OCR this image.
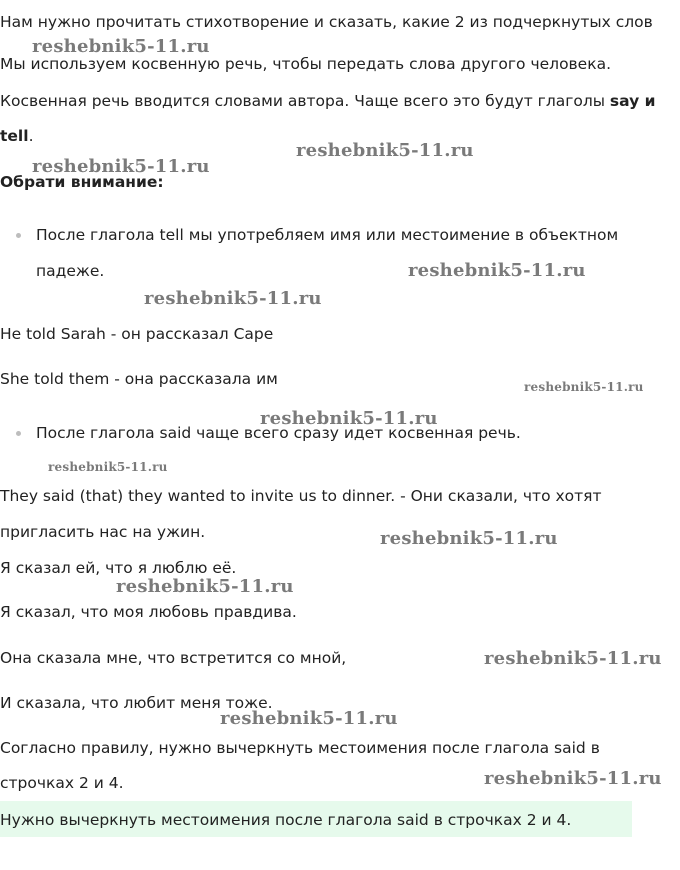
Нам нужно прочитать стихотворение и сказать, какие 2 из подчеркнутых слов
Мы используем косвенную речь, чтобы передать слова другого человека.
Косвенная речь вводится словами автора. Чаще всего это будут глаголы say и
tell.
Обрати внимание:
После глагола tell мы употребляем имя или местоимение в объектном
падеже.
He told Sarah - он рассказал Саре
She told them - она рассказала им
После глагола said чаще всего сразу идет косвенная речь.
They said (that) they wanted to invite us to dinner. - Они сказали, что хотят
пригласить нас на ужин.
Я сказал ей, что я люблю её.
Я сказал, что моя любовь правдива.
Она сказала мне, что встретится со мной,
И сказала, что любит меня тоже.
Согласно правилу, нужно вычеркнуть местоимения после глагола said в
строчках 2 и 4.
Нужно вычеркнуть местоимения после глагола said в строчках 2 и 4.
reshebnik5-11.ru
reshebnik5-11.ru
reshebnik5-11.ru
reshebnik5-11.ru
reshebnik5-11.ru
reshebnik5-11.ru
reshebnik5-11.ru
reshebnik5-11.ru
reshebnik5-11.ru
reshebnik5-11.ru
reshebnik5-11.ru
reshebnik5-11.ru
reshebnik5-11.ru
